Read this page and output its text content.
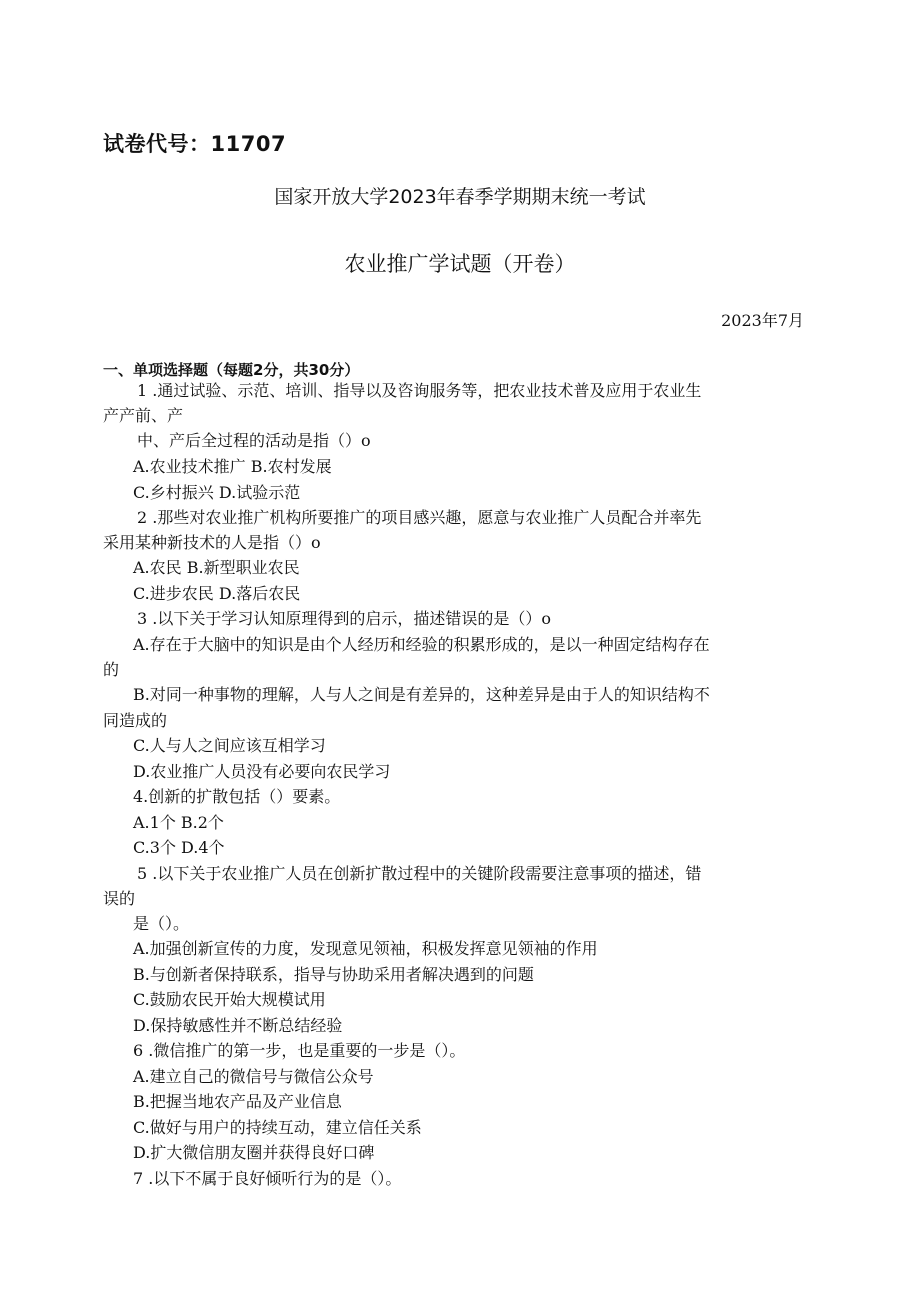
试卷代号：11707
国家开放大学2023年春季学期期末统一考试
农业推广学试题（开卷）
2023年7月
一、单项选择题（每题2分，共30分）
1 .通过试验、示范、培训、指导以及咨询服务等，把农业技术普及应用于农业生
产产前、产
中、产后全过程的活动是指（）o
A.农业技术推广 B.农村发展
C.乡村振兴 D.试验示范
2 .那些对农业推广机构所要推广的项目感兴趣，愿意与农业推广人员配合并率先
采用某种新技术的人是指（）o
A.农民 B.新型职业农民
C.进步农民 D.落后农民
3 .以下关于学习认知原理得到的启示，描述错误的是（）o
A.存在于大脑中的知识是由个人经历和经验的积累形成的，是以一种固定结构存在
的
B.对同一种事物的理解，人与人之间是有差异的，这种差异是由于人的知识结构不
同造成的
C.人与人之间应该互相学习
D.农业推广人员没有必要向农民学习
4.创新的扩散包括（）要素。
A.1个 B.2个
C.3个 D.4个
5 .以下关于农业推广人员在创新扩散过程中的关键阶段需要注意事项的描述，错
误的
是（）。
A.加强创新宣传的力度，发现意见领袖，积极发挥意见领袖的作用
B.与创新者保持联系，指导与协助采用者解决遇到的问题
C.鼓励农民开始大规模试用
D.保持敏感性并不断总结经验
6 .微信推广的第一步，也是重要的一步是（）。
A.建立自己的微信号与微信公众号
B.把握当地农产品及产业信息
C.做好与用户的持续互动，建立信任关系
D.扩大微信朋友圈并获得良好口碑
7 .以下不属于良好倾听行为的是（）。
